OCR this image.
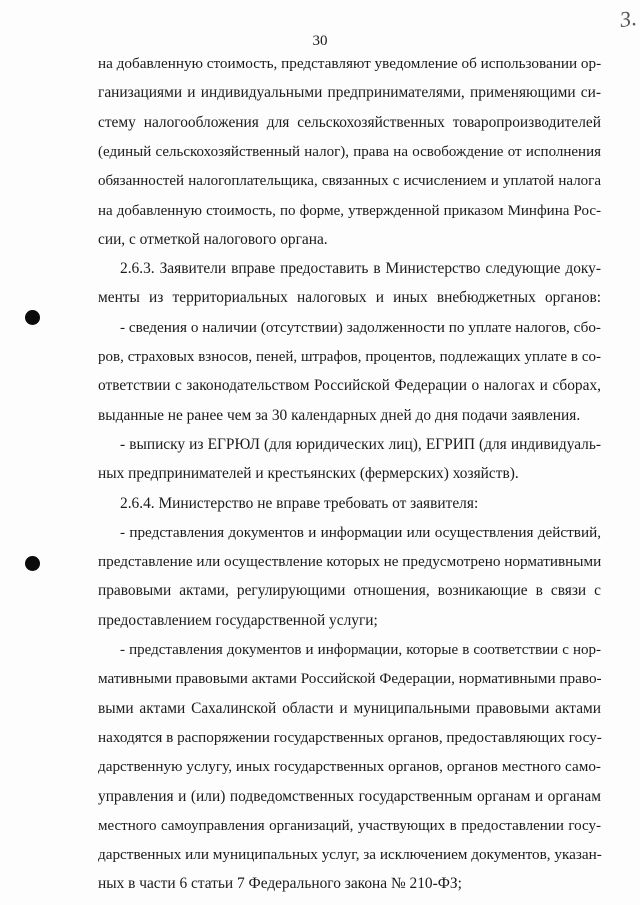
3.
30
на добавленную стоимость, представляют уведомление об использовании ор-
ганизациями и индивидуальными предпринимателями, применяющими си-
стему налогообложения для сельскохозяйственных товаропроизводителей
(единый сельскохозяйственный налог), права на освобождение от исполнения
обязанностей налогоплательщика, связанных с исчислением и уплатой налога
на добавленную стоимость, по форме, утвержденной приказом Минфина Рос-
сии, с отметкой налогового органа.
2.6.3. Заявители вправе предоставить в Министерство следующие доку-
менты из территориальных налоговых и иных внебюджетных органов:
- сведения о наличии (отсутствии) задолженности по уплате налогов, сбо-
ров, страховых взносов, пеней, штрафов, процентов, подлежащих уплате в со-
ответствии с законодательством Российской Федерации о налогах и сборах,
выданные не ранее чем за 30 календарных дней до дня подачи заявления.
- выписку из ЕГРЮЛ (для юридических лиц), ЕГРИП (для индивидуаль-
ных предпринимателей и крестьянских (фермерских) хозяйств).
2.6.4. Министерство не вправе требовать от заявителя:
- представления документов и информации или осуществления действий,
представление или осуществление которых не предусмотрено нормативными
правовыми актами, регулирующими отношения, возникающие в связи с
предоставлением государственной услуги;
- представления документов и информации, которые в соответствии с нор-
мативными правовыми актами Российской Федерации, нормативными право-
выми актами Сахалинской области и муниципальными правовыми актами
находятся в распоряжении государственных органов, предоставляющих госу-
дарственную услугу, иных государственных органов, органов местного само-
управления и (или) подведомственных государственным органам и органам
местного самоуправления организаций, участвующих в предоставлении госу-
дарственных или муниципальных услуг, за исключением документов, указан-
ных в части 6 статьи 7 Федерального закона № 210-ФЗ;
